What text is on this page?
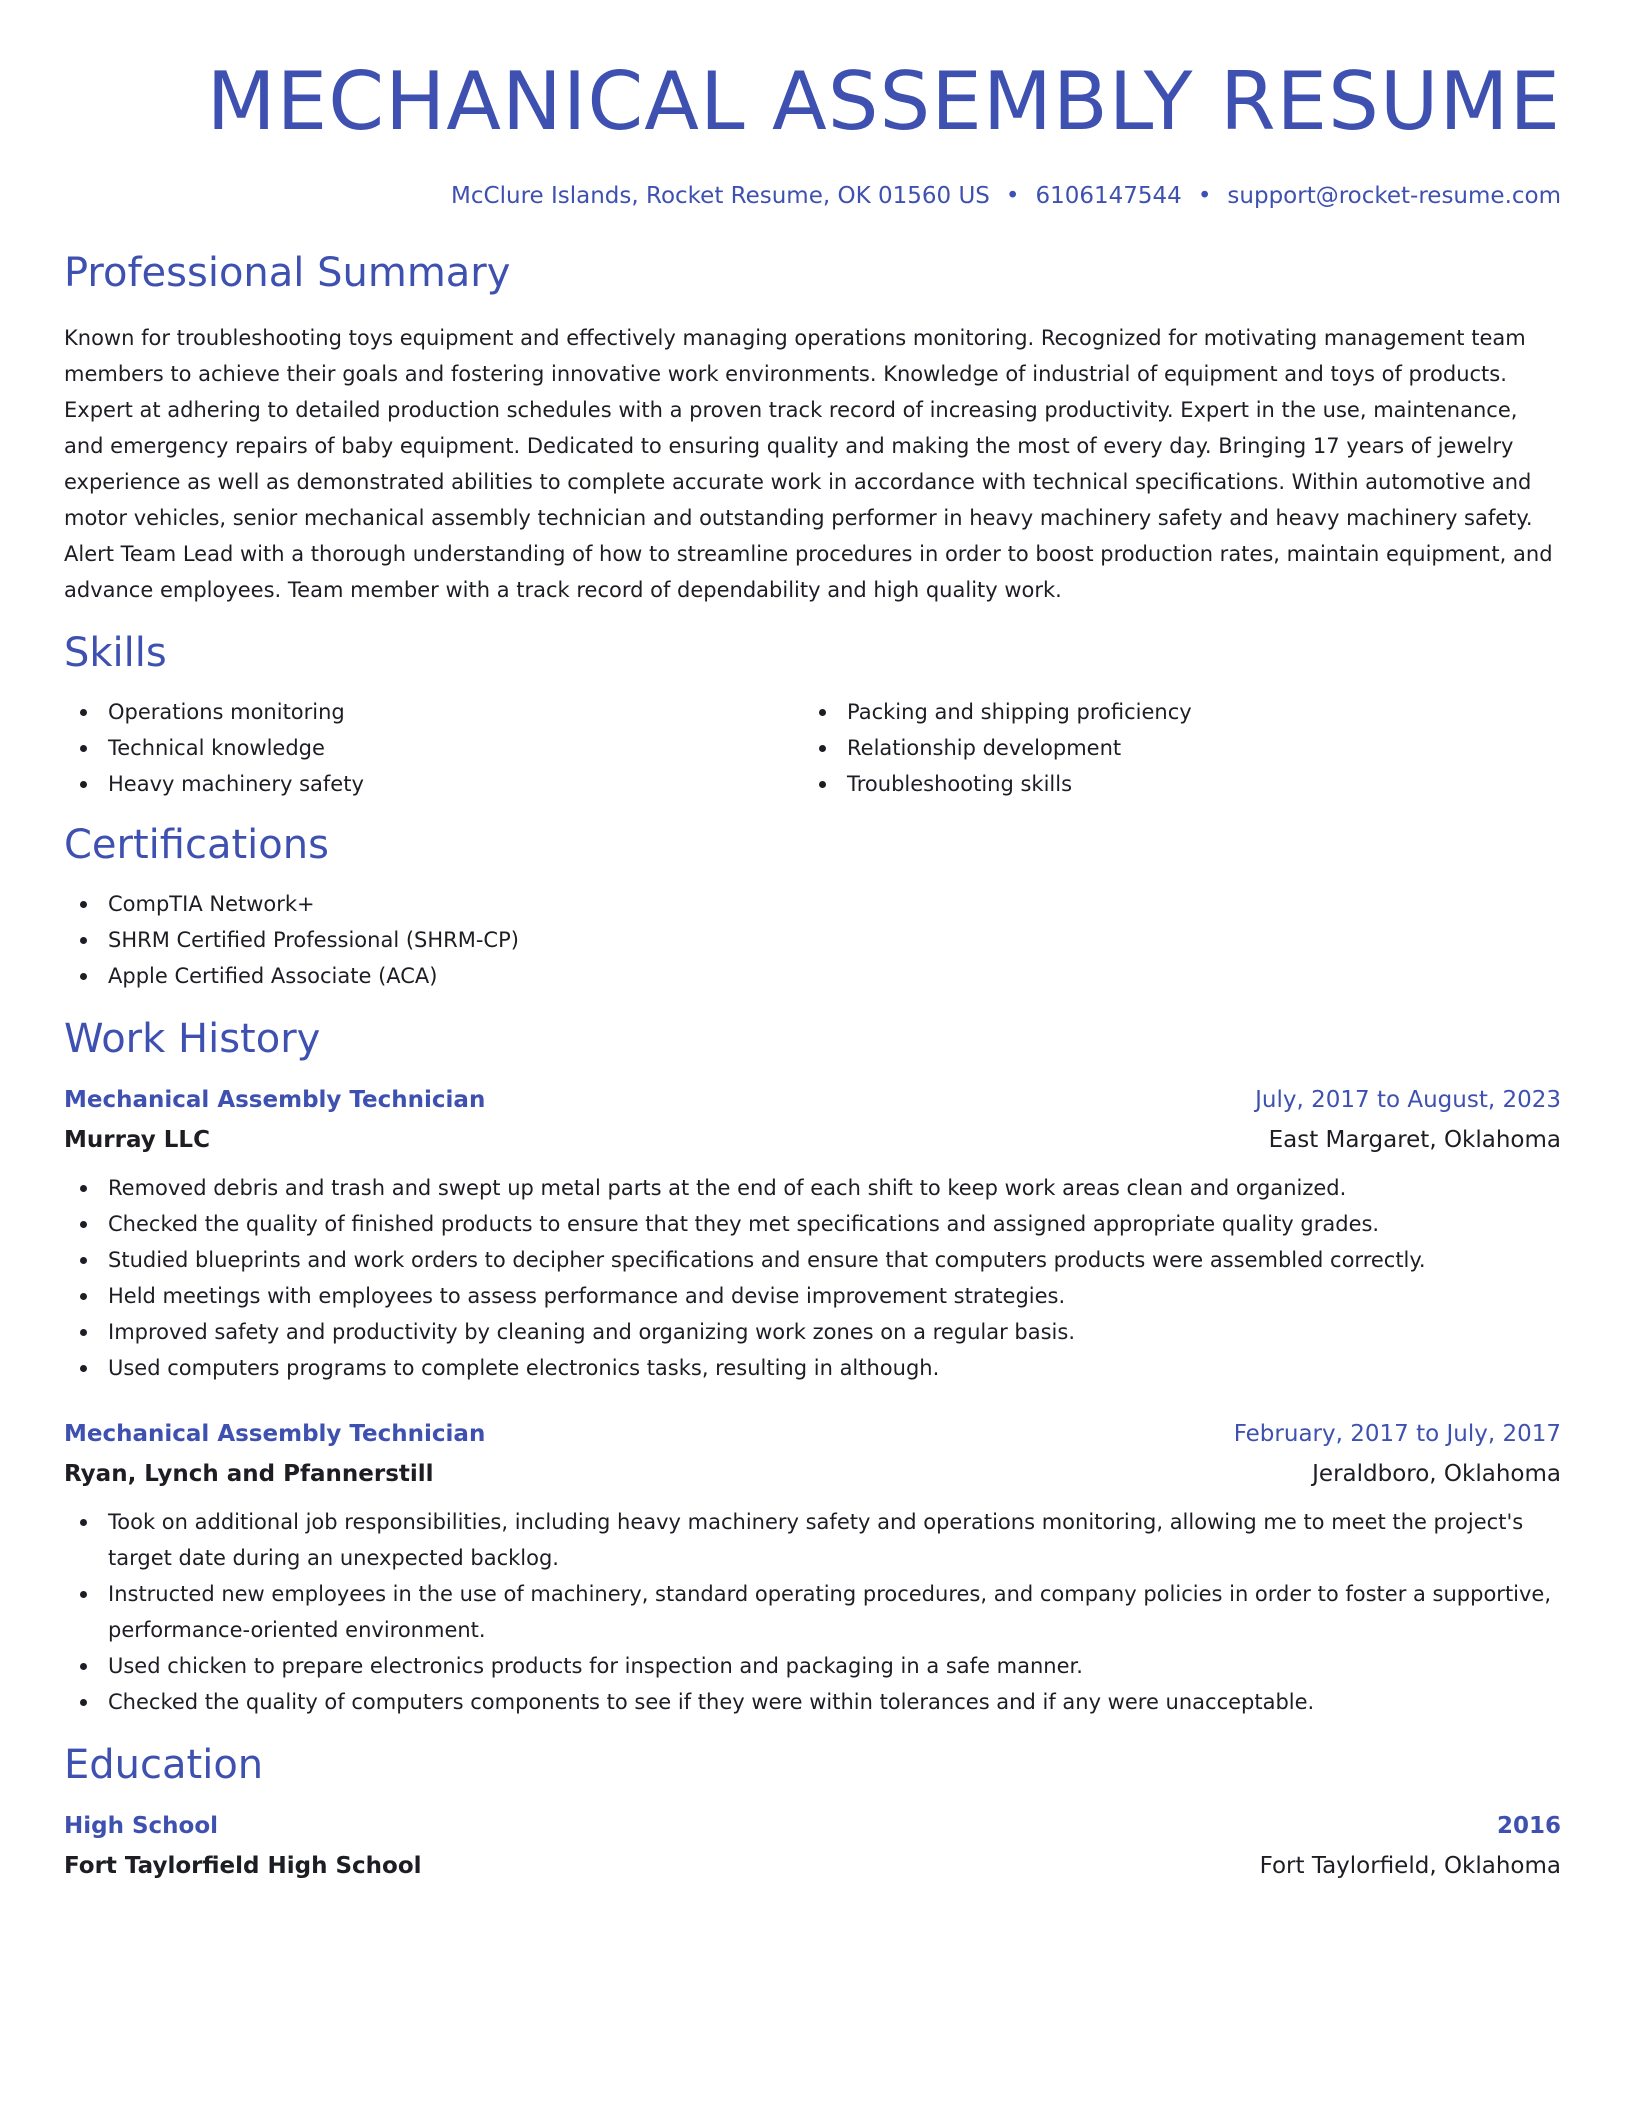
MECHANICAL ASSEMBLY RESUME
McClure Islands, Rocket Resume, OK 01560 US • 6106147544 • support@rocket-resume.com
Professional Summary
Known for troubleshooting toys equipment and effectively managing operations monitoring. Recognized for motivating management team members to achieve their goals and fostering innovative work environments. Knowledge of industrial of equipment and toys of products. Expert at adhering to detailed production schedules with a proven track record of increasing productivity. Expert in the use, maintenance, and emergency repairs of baby equipment. Dedicated to ensuring quality and making the most of every day. Bringing 17 years of jewelry experience as well as demonstrated abilities to complete accurate work in accordance with technical specifications. Within automotive and motor vehicles, senior mechanical assembly technician and outstanding performer in heavy machinery safety and heavy machinery safety. Alert Team Lead with a thorough understanding of how to streamline procedures in order to boost production rates, maintain equipment, and advance employees. Team member with a track record of dependability and high quality work.
Skills
Operations monitoring
Technical knowledge
Heavy machinery safety
Packing and shipping proficiency
Relationship development
Troubleshooting skills
Certifications
CompTIA Network+
SHRM Certified Professional (SHRM-CP)
Apple Certified Associate (ACA)
Work History
Mechanical Assembly Technician	July, 2017 to August, 2023
Murray LLC	East Margaret, Oklahoma
Removed debris and trash and swept up metal parts at the end of each shift to keep work areas clean and organized.
Checked the quality of finished products to ensure that they met specifications and assigned appropriate quality grades.
Studied blueprints and work orders to decipher specifications and ensure that computers products were assembled correctly.
Held meetings with employees to assess performance and devise improvement strategies.
Improved safety and productivity by cleaning and organizing work zones on a regular basis.
Used computers programs to complete electronics tasks, resulting in although.
Mechanical Assembly Technician	February, 2017 to July, 2017
Ryan, Lynch and Pfannerstill	Jeraldboro, Oklahoma
Took on additional job responsibilities, including heavy machinery safety and operations monitoring, allowing me to meet the project's target date during an unexpected backlog.
Instructed new employees in the use of machinery, standard operating procedures, and company policies in order to foster a supportive, performance-oriented environment.
Used chicken to prepare electronics products for inspection and packaging in a safe manner.
Checked the quality of computers components to see if they were within tolerances and if any were unacceptable.
Education
High School	2016
Fort Taylorfield High School	Fort Taylorfield, Oklahoma
